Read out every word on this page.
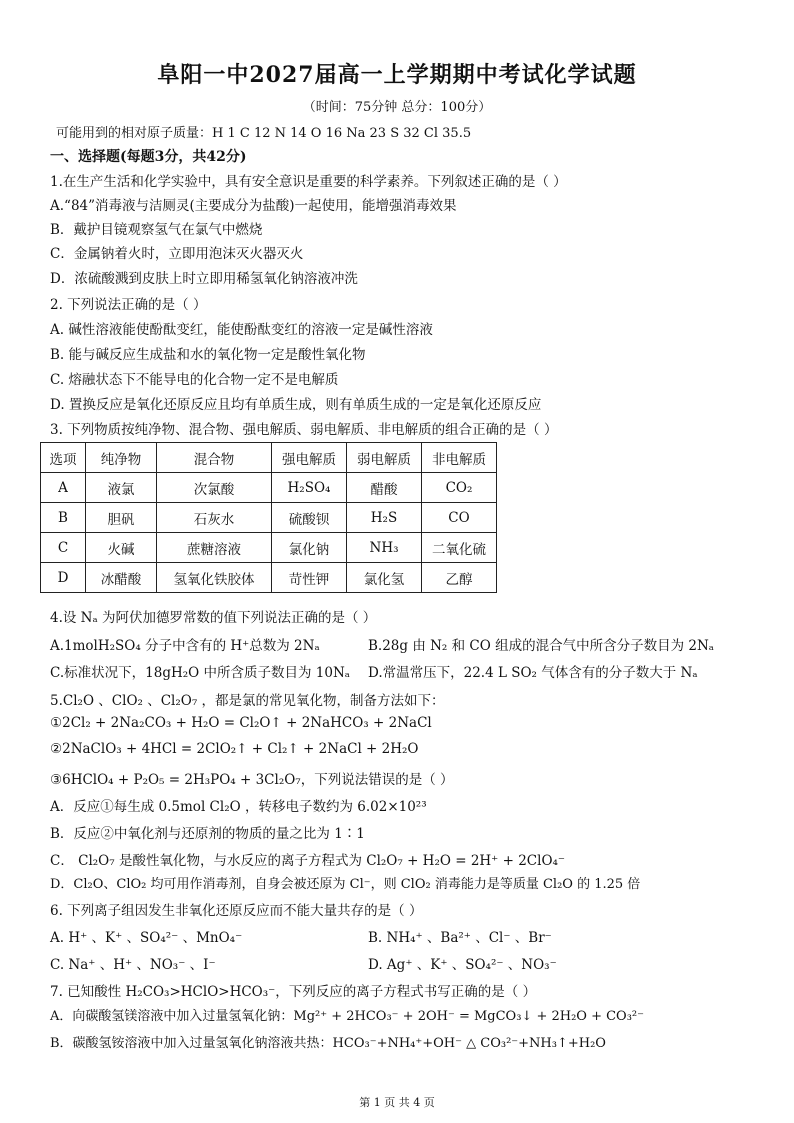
阜阳一中2027届高一上学期期中考试化学试题
（时间：75分钟 总分：100分）
可能用到的相对原子质量：H 1 C 12 N 14 O 16 Na 23 S 32 Cl 35.5
一、选择题(每题3分，共42分)
1.在生产生活和化学实验中，具有安全意识是重要的科学素养。下列叙述正确的是（ ）
A.“84”消毒液与洁厕灵(主要成分为盐酸)一起使用，能增强消毒效果
B．戴护目镜观察氢气在氯气中燃烧
C．金属钠着火时，立即用泡沫灭火器灭火
D．浓硫酸溅到皮肤上时立即用稀氢氧化钠溶液冲洗
2. 下列说法正确的是（ ）
A. 碱性溶液能使酚酞变红，能使酚酞变红的溶液一定是碱性溶液
B. 能与碱反应生成盐和水的氧化物一定是酸性氧化物
C. 熔融状态下不能导电的化合物一定不是电解质
D. 置换反应是氧化还原反应且均有单质生成，则有单质生成的一定是氧化还原反应
3. 下列物质按纯净物、混合物、强电解质、弱电解质、非电解质的组合正确的是（ ）
选项	纯净物	混合物	强电解质	弱电解质	非电解质
A	液氯	次氯酸	H₂SO₄	醋酸	CO₂
B	胆矾	石灰水	硫酸钡	H₂S	CO
C	火碱	蔗糖溶液	氯化钠	NH₃	二氧化硫
D	冰醋酸	氢氧化铁胶体	苛性钾	氯化氢	乙醇
4.设 Nₐ 为阿伏加德罗常数的值下列说法正确的是（ ）
A.1molH₂SO₄ 分子中含有的 H⁺总数为 2Nₐ	B.28g 由 N₂ 和 CO 组成的混合气中所含分子数目为 2Nₐ
C.标准状况下，18gH₂O 中所含质子数目为 10Nₐ D.常温常压下，22.4 L SO₂ 气体含有的分子数大于 Nₐ
5.Cl₂O 、ClO₂ 、Cl₂O₇ ，都是氯的常见氧化物，制备方法如下：
①2Cl₂ + 2Na₂CO₃ + H₂O = Cl₂O↑ + 2NaHCO₃ + 2NaCl
②2NaClO₃ + 4HCl = 2ClO₂↑ + Cl₂↑ + 2NaCl + 2H₂O
③6HClO₄ + P₂O₅ = 2H₃PO₄ + 3Cl₂O₇，下列说法错误的是（ ）
A．反应①每生成 0.5mol Cl₂O ，转移电子数约为 6.02×10²³
B．反应②中氧化剂与还原剂的物质的量之比为 1∶1
C． Cl₂O₇ 是酸性氧化物，与水反应的离子方程式为 Cl₂O₇ + H₂O = 2H⁺ + 2ClO₄⁻
D．Cl₂O、ClO₂ 均可用作消毒剂，自身会被还原为 Cl⁻，则 ClO₂ 消毒能力是等质量 Cl₂O 的 1.25 倍
6. 下列离子组因发生非氧化还原反应而不能大量共存的是（ ）
A. H⁺ 、K⁺ 、SO₄²⁻ 、MnO₄⁻	B. NH₄⁺ 、Ba²⁺ 、Cl⁻ 、Br⁻
C. Na⁺ 、H⁺ 、NO₃⁻ 、I⁻	D. Ag⁺ 、K⁺ 、SO₄²⁻ 、NO₃⁻
7. 已知酸性 H₂CO₃>HClO>HCO₃⁻，下列反应的离子方程式书写正确的是（ ）
A．向碳酸氢镁溶液中加入过量氢氧化钠：Mg²⁺ + 2HCO₃⁻ + 2OH⁻ = MgCO₃↓ + 2H₂O + CO₃²⁻
B．碳酸氢铵溶液中加入过量氢氧化钠溶液共热：HCO₃⁻+NH₄⁺+OH⁻ △ CO₃²⁻+NH₃↑+H₂O
第 1 页 共 4 页
